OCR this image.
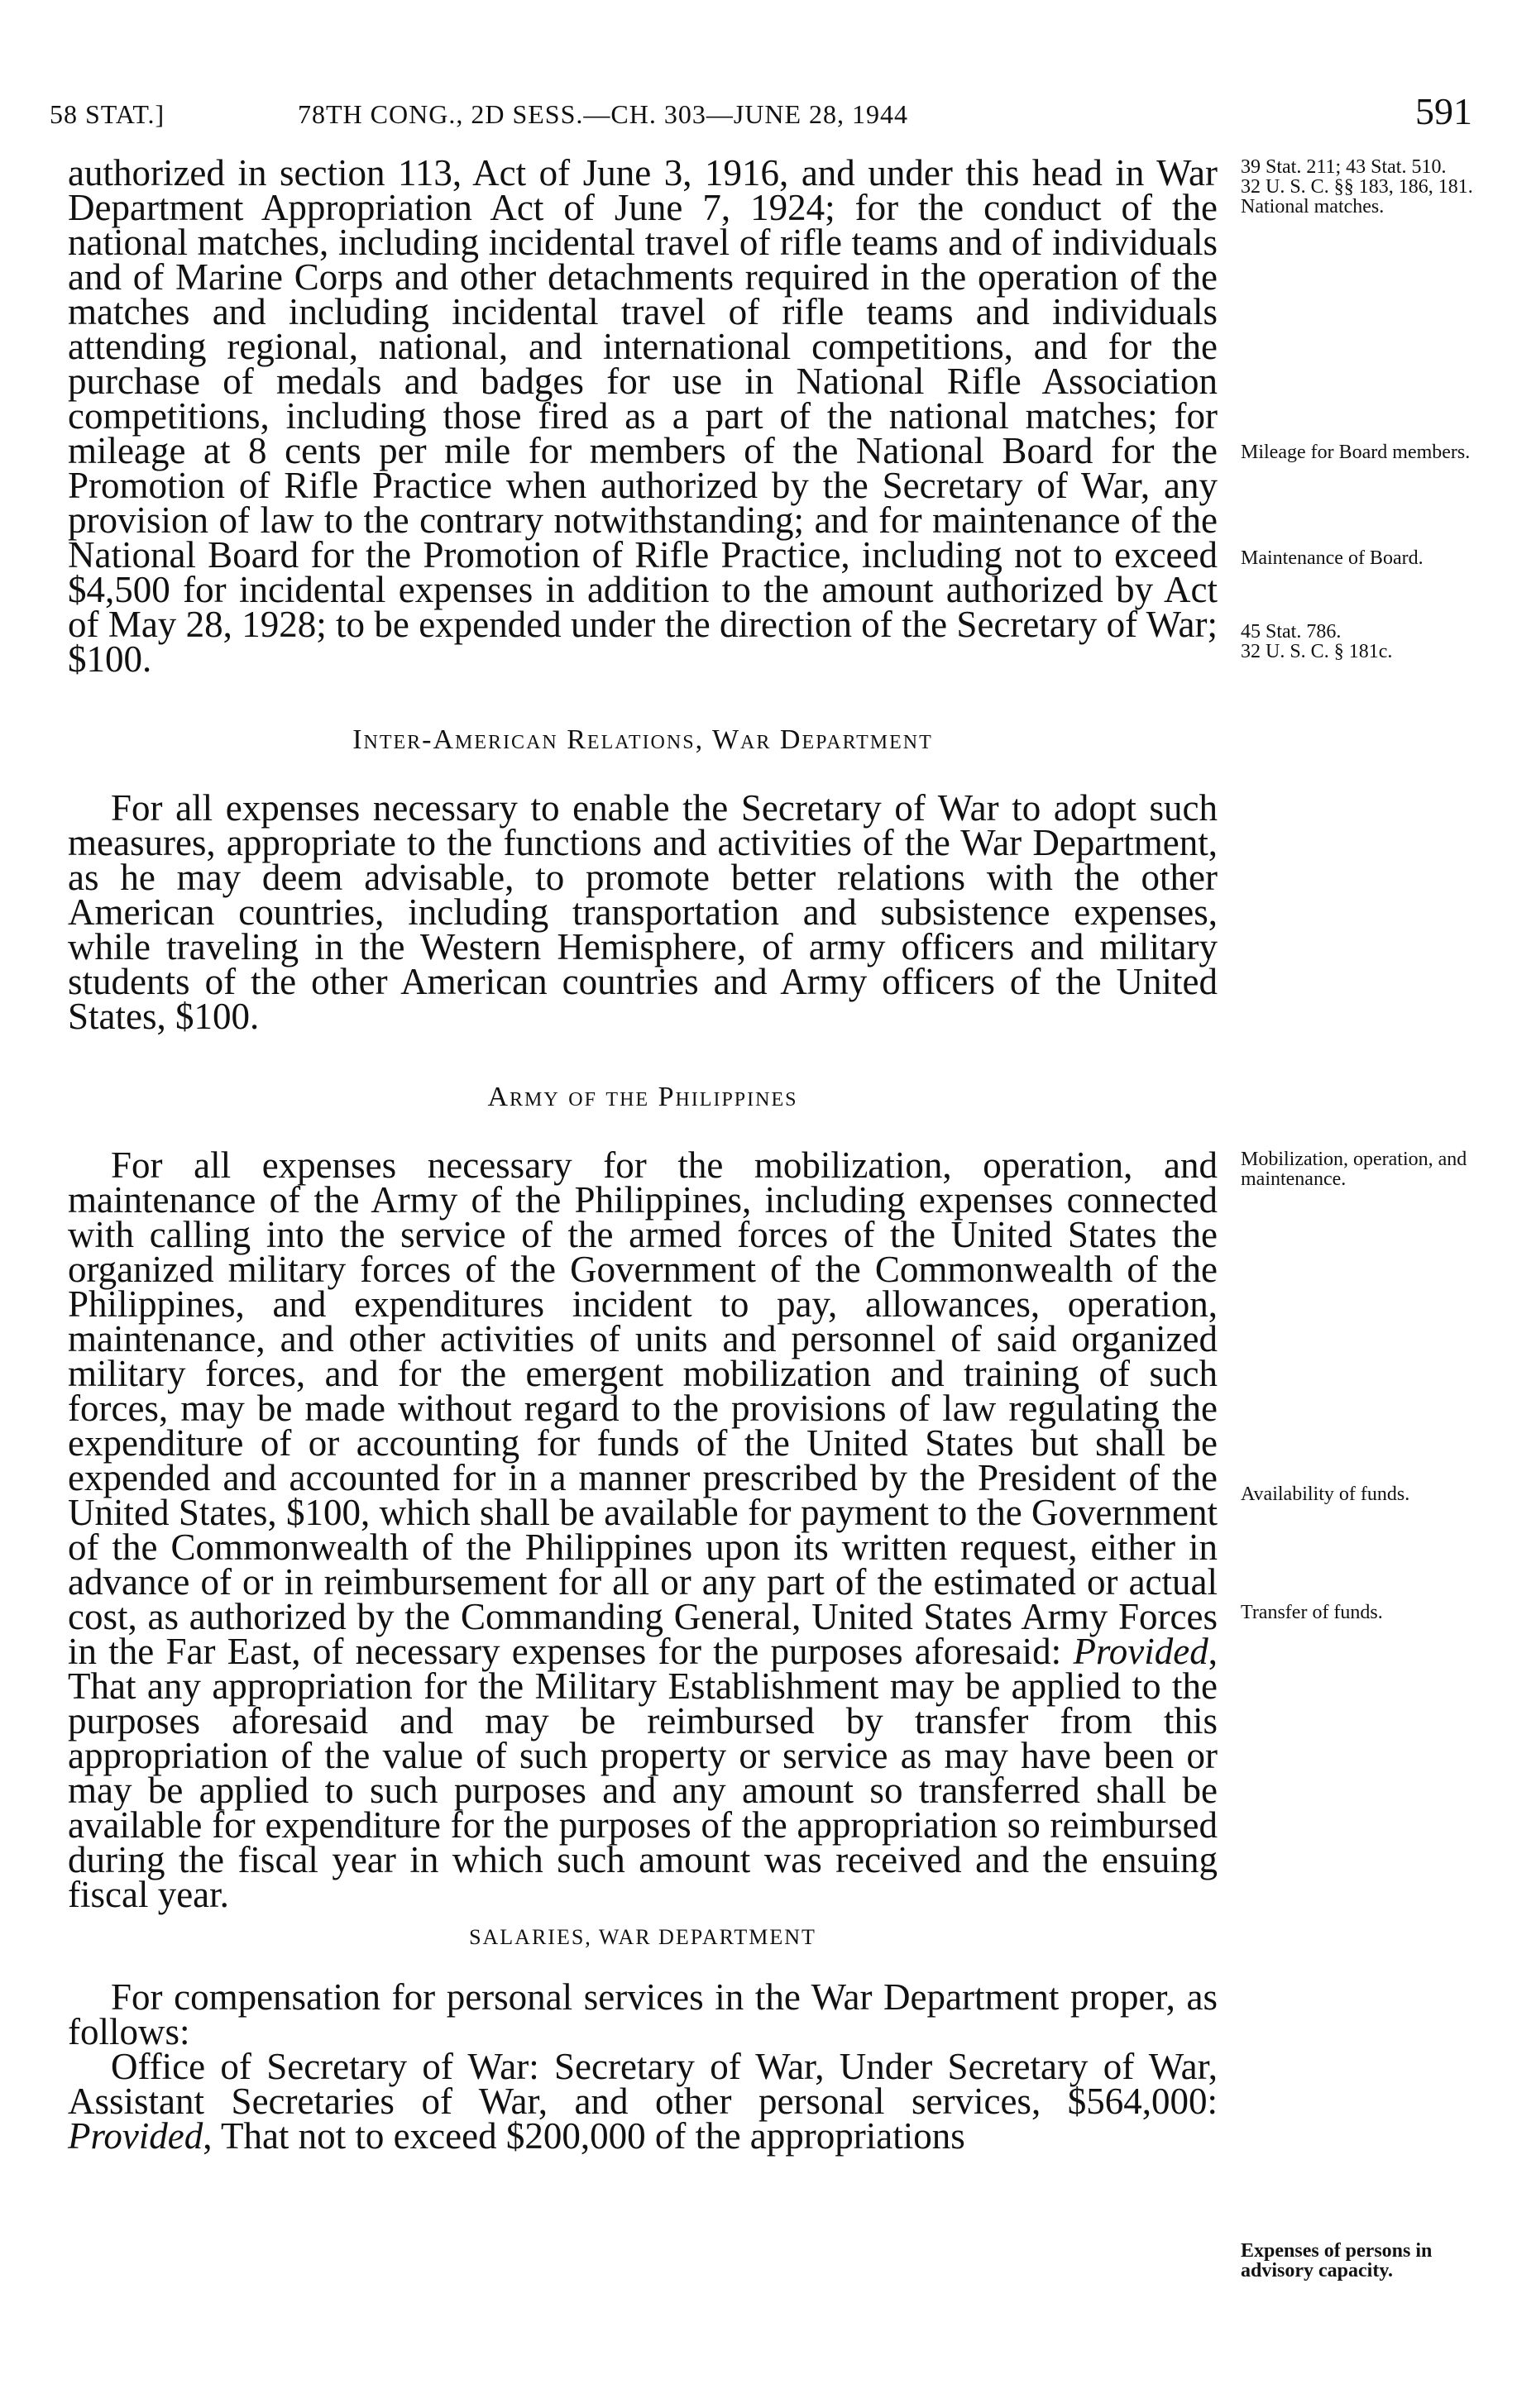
58 STAT.]	78TH CONG., 2D SESS.—CH. 303—JUNE 28, 1944	591

authorized in section 113, Act of June 3, 1916, and under this head in War Department Appropriation Act of June 7, 1924; for the conduct of the national matches, including incidental travel of rifle teams and of individuals and of Marine Corps and other detachments required in the operation of the matches and including incidental travel of rifle teams and individuals attending regional, national, and international competitions, and for the purchase of medals and badges for use in National Rifle Association competitions, including those fired as a part of the national matches; for mileage at 8 cents per mile for members of the National Board for the Promotion of Rifle Practice when authorized by the Secretary of War, any provision of law to the contrary notwithstanding; and for maintenance of the National Board for the Promotion of Rifle Practice, including not to exceed $4,500 for incidental expenses in addition to the amount authorized by Act of May 28, 1928; to be expended under the direction of the Secretary of War; $100.

Inter-American Relations, War Department

For all expenses necessary to enable the Secretary of War to adopt such measures, appropriate to the functions and activities of the War Department, as he may deem advisable, to promote better relations with the other American countries, including transportation and subsistence expenses, while traveling in the Western Hemisphere, of army officers and military students of the other American countries and Army officers of the United States, $100.

Army of the Philippines

For all expenses necessary for the mobilization, operation, and maintenance of the Army of the Philippines, including expenses connected with calling into the service of the armed forces of the United States the organized military forces of the Government of the Commonwealth of the Philippines, and expenditures incident to pay, allowances, operation, maintenance, and other activities of units and personnel of said organized military forces, and for the emergent mobilization and training of such forces, may be made without regard to the provisions of law regulating the expenditure of or accounting for funds of the United States but shall be expended and accounted for in a manner prescribed by the President of the United States, $100, which shall be available for payment to the Government of the Commonwealth of the Philippines upon its written request, either in advance of or in reimbursement for all or any part of the estimated or actual cost, as authorized by the Commanding General, United States Army Forces in the Far East, of necessary expenses for the purposes aforesaid: Provided, That any appropriation for the Military Establishment may be applied to the purposes aforesaid and may be reimbursed by transfer from this appropriation of the value of such property or service as may have been or may be applied to such purposes and any amount so transferred shall be available for expenditure for the purposes of the appropriation so reimbursed during the fiscal year in which such amount was received and the ensuing fiscal year.

SALARIES, WAR DEPARTMENT

For compensation for personal services in the War Department proper, as follows:

Office of Secretary of War: Secretary of War, Under Secretary of War, Assistant Secretaries of War, and other personal services, $564,000: Provided, That not to exceed $200,000 of the appropriations

39 Stat. 211; 43 Stat. 510.
32 U. S. C. §§ 183, 186, 181.
National matches.
Mileage for Board members.
Maintenance of Board.
45 Stat. 786.
32 U. S. C. § 181c.
Mobilization, operation, and maintenance.
Availability of funds.
Transfer of funds.
Expenses of persons in advisory capacity.
